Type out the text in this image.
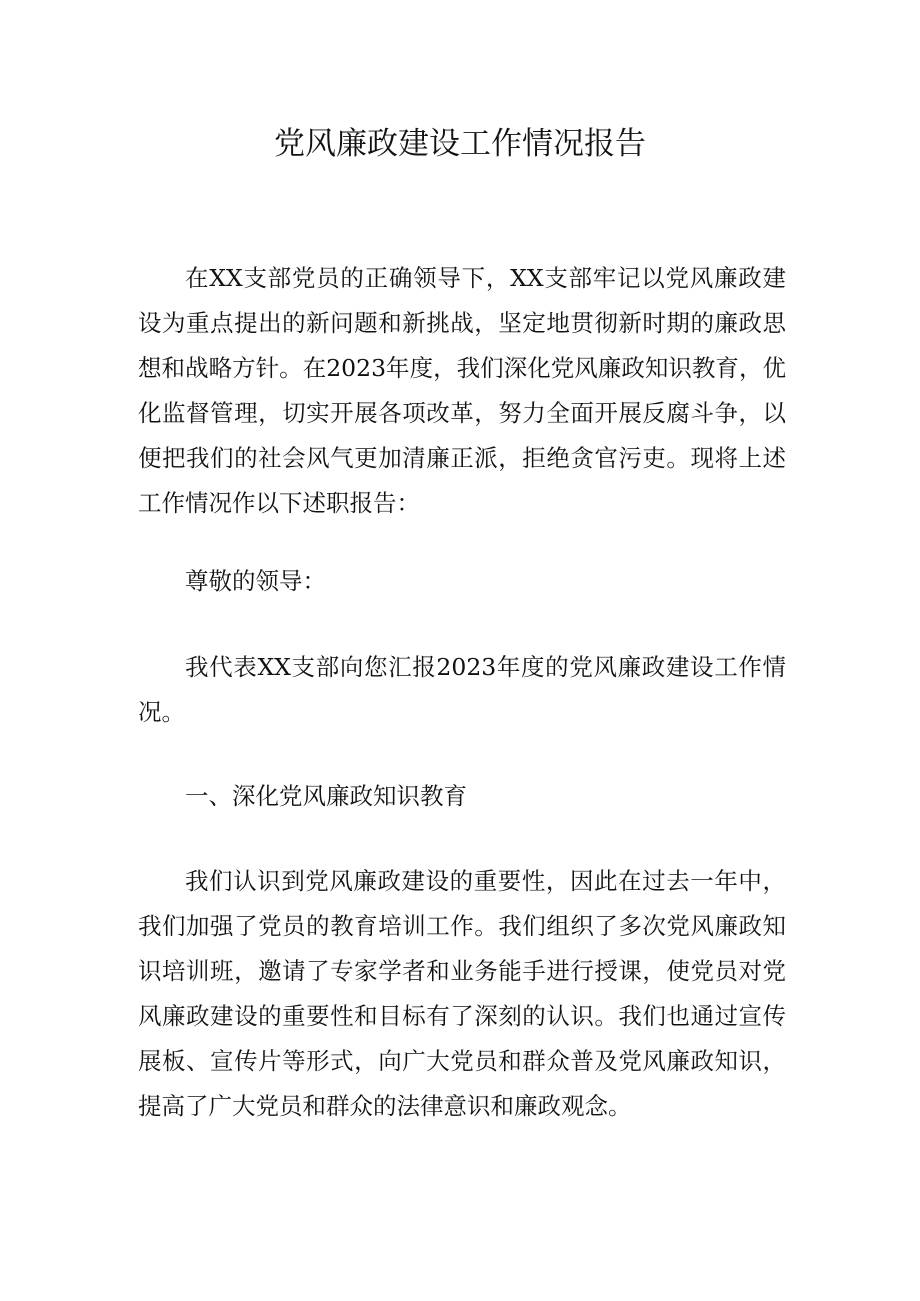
党风廉政建设工作情况报告

在XX支部党员的正确领导下，XX支部牢记以党风廉政建设为重点提出的新问题和新挑战，坚定地贯彻新时期的廉政思想和战略方针。在2023年度，我们深化党风廉政知识教育，优化监督管理，切实开展各项改革，努力全面开展反腐斗争，以便把我们的社会风气更加清廉正派，拒绝贪官污吏。现将上述工作情况作以下述职报告：

尊敬的领导：

我代表XX支部向您汇报2023年度的党风廉政建设工作情况。

一、深化党风廉政知识教育

我们认识到党风廉政建设的重要性，因此在过去一年中，我们加强了党员的教育培训工作。我们组织了多次党风廉政知识培训班，邀请了专家学者和业务能手进行授课，使党员对党风廉政建设的重要性和目标有了深刻的认识。我们也通过宣传展板、宣传片等形式，向广大党员和群众普及党风廉政知识，提高了广大党员和群众的法律意识和廉政观念。
